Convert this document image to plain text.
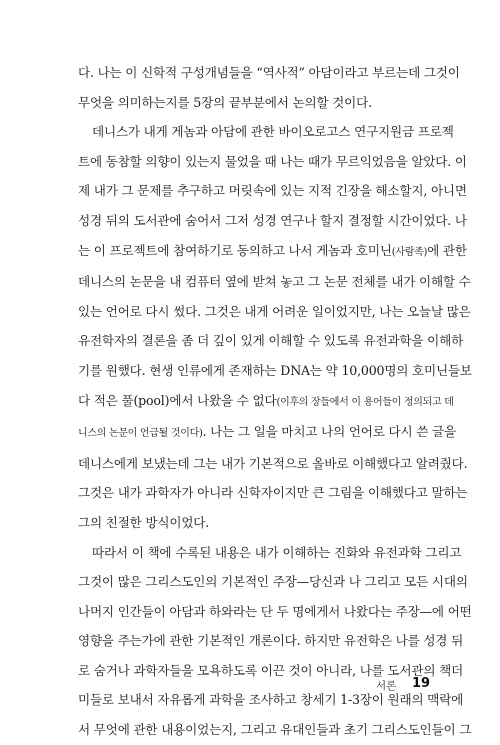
다. 나는 이 신학적 구성개념들을 “역사적” 아담이라고 부르는데 그것이
무엇을 의미하는지를 5장의 끝부분에서 논의할 것이다.
데니스가 내게 게놈과 아담에 관한 바이오로고스 연구지원금 프로젝
트에 동참할 의향이 있는지 물었을 때 나는 때가 무르익었음을 알았다. 이
제 내가 그 문제를 추구하고 머릿속에 있는 지적 긴장을 해소할지, 아니면
성경 뒤의 도서관에 숨어서 그저 성경 연구나 할지 결정할 시간이었다. 나
는 이 프로젝트에 참여하기로 동의하고 나서 게놈과 호미닌(사람족)에 관한
데니스의 논문을 내 컴퓨터 옆에 받쳐 놓고 그 논문 전체를 내가 이해할 수
있는 언어로 다시 썼다. 그것은 내게 어려운 일이었지만, 나는 오늘날 많은
유전학자의 결론을 좀 더 깊이 있게 이해할 수 있도록 유전과학을 이해하
기를 원했다. 현생 인류에게 존재하는 DNA는 약 10,000명의 호미닌들보
다 적은 풀(pool)에서 나왔을 수 없다(이후의 장들에서 이 용어들이 정의되고 데
니스의 논문이 언급될 것이다). 나는 그 일을 마치고 나의 언어로 다시 쓴 글을
데니스에게 보냈는데 그는 내가 기본적으로 올바로 이해했다고 알려줬다.
그것은 내가 과학자가 아니라 신학자이지만 큰 그림을 이해했다고 말하는
그의 친절한 방식이었다.
따라서 이 책에 수록된 내용은 내가 이해하는 진화와 유전과학 그리고
그것이 많은 그리스도인의 기본적인 주장—당신과 나 그리고 모든 시대의
나머지 인간들이 아담과 하와라는 단 두 명에게서 나왔다는 주장—에 어떤
영향을 주는가에 관한 기본적인 개론이다. 하지만 유전학은 나를 성경 뒤
로 숨거나 과학자들을 모욕하도록 이끈 것이 아니라, 나를 도서관의 책더
미들로 보내서 자유롭게 과학을 조사하고 창세기 1-3장이 원래의 맥락에
서 무엇에 관한 내용이었는지, 그리고 유대인들과 초기 그리스도인들이 그
서론 19
